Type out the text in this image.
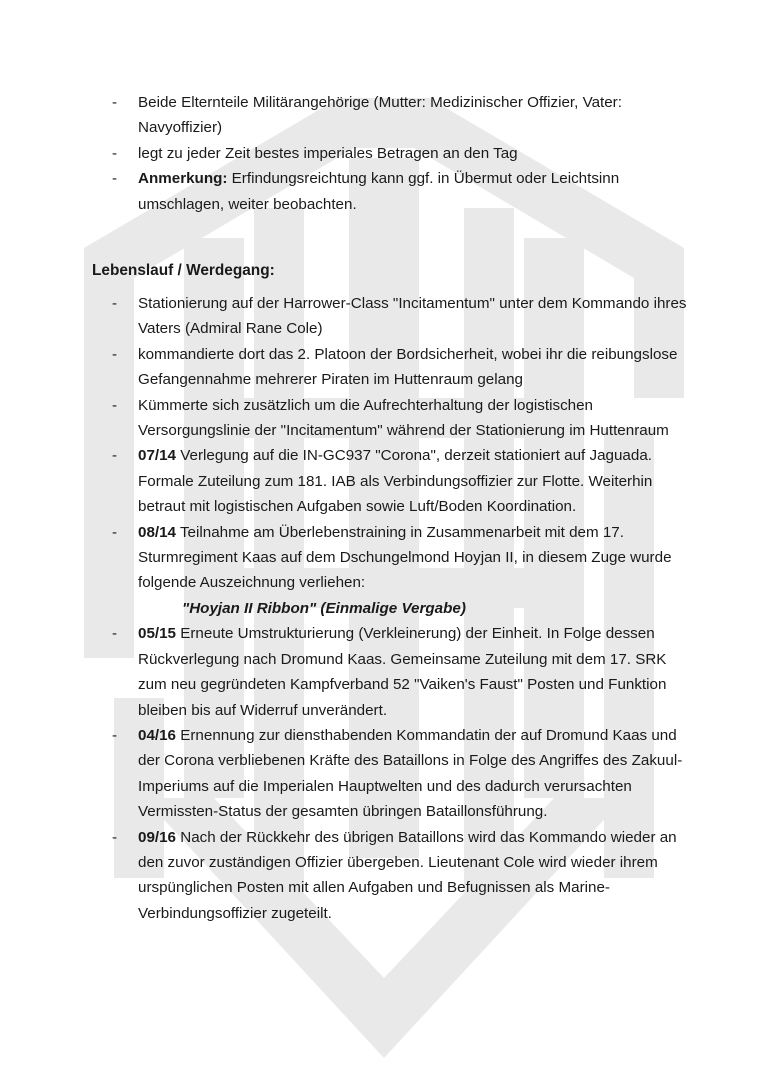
- Beide Elternteile Militärangehörige (Mutter: Medizinischer Offizier, Vater: Navyoffizier)
- legt zu jeder Zeit bestes imperiales Betragen an den Tag
- Anmerkung: Erfindungsreichtung kann ggf. in Übermut oder Leichtsinn umschlagen, weiter beobachten.
Lebenslauf / Werdegang:
- Stationierung auf der Harrower-Class "Incitamentum" unter dem Kommando ihres Vaters (Admiral Rane Cole)
- kommandierte dort das 2. Platoon der Bordsicherheit, wobei ihr die reibungslose Gefangennahme mehrerer Piraten im Huttenraum gelang
- Kümmerte sich zusätzlich um die Aufrechterhaltung der logistischen Versorgungslinie der "Incitamentum" während der Stationierung im Huttenraum
- 07/14 Verlegung auf die IN-GC937 "Corona", derzeit stationiert auf Jaguada. Formale Zuteilung zum 181. IAB als Verbindungsoffizier zur Flotte. Weiterhin betraut mit logistischen Aufgaben sowie Luft/Boden Koordination.
- 08/14 Teilnahme am Überlebenstraining in Zusammenarbeit mit dem 17. Sturmregiment Kaas auf dem Dschungelmond Hoyjan II, in diesem Zuge wurde folgende Auszeichnung verliehen:
"Hoyjan II Ribbon" (Einmalige Vergabe)
- 05/15 Erneute Umstrukturierung (Verkleinerung) der Einheit. In Folge dessen Rückverlegung nach Dromund Kaas. Gemeinsame Zuteilung mit dem 17. SRK zum neu gegründeten Kampfverband 52 "Vaiken's Faust" Posten und Funktion bleiben bis auf Widerruf unverändert.
- 04/16 Ernennung zur diensthabenden Kommandatin der auf Dromund Kaas und der Corona verbliebenen Kräfte des Bataillons in Folge des Angriffes des Zakuul-Imperiums auf die Imperialen Hauptwelten und des dadurch verursachten Vermissten-Status der gesamten übringen Bataillonsführung.
- 09/16 Nach der Rückkehr des übrigen Bataillons wird das Kommando wieder an den zuvor zuständigen Offizier übergeben. Lieutenant Cole wird wieder ihrem urspünglichen Posten mit allen Aufgaben und Befugnissen als Marine-Verbindungsoffizier zugeteilt.
